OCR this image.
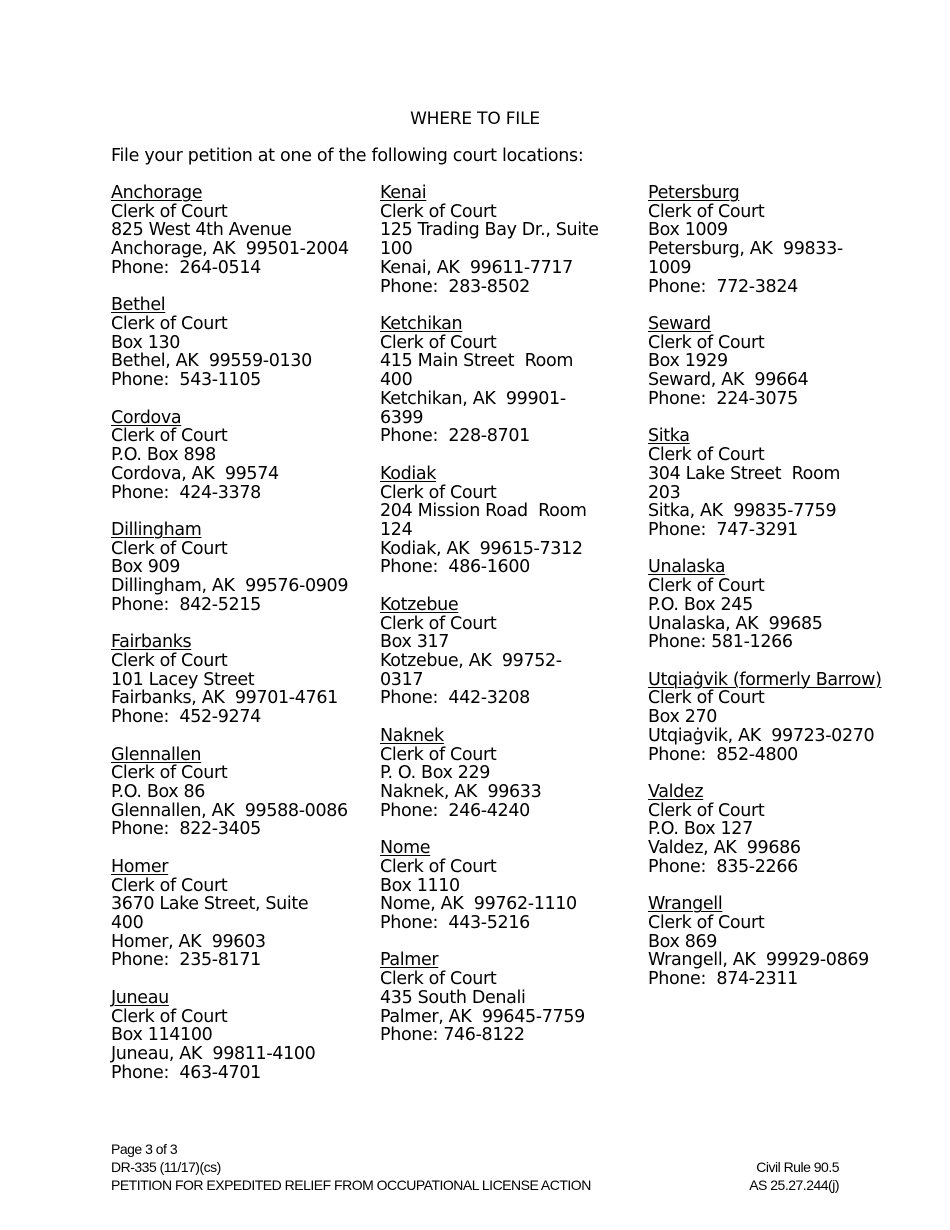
WHERE TO FILE
File your petition at one of the following court locations:
Anchorage
Clerk of Court
825 West 4th Avenue
Anchorage, AK  99501-2004
Phone:  264-0514
Bethel
Clerk of Court
Box 130
Bethel, AK  99559-0130
Phone:  543-1105
Cordova
Clerk of Court
P.O. Box 898
Cordova, AK  99574
Phone:  424-3378
Dillingham
Clerk of Court
Box 909
Dillingham, AK  99576-0909
Phone:  842-5215
Fairbanks
Clerk of Court
101 Lacey Street
Fairbanks, AK  99701-4761
Phone:  452-9274
Glennallen
Clerk of Court
P.O. Box 86
Glennallen, AK  99588-0086
Phone:  822-3405
Homer
Clerk of Court
3670 Lake Street, Suite
400
Homer, AK  99603
Phone:  235-8171
Juneau
Clerk of Court
Box 114100
Juneau, AK  99811-4100
Phone:  463-4701
Kenai
Clerk of Court
125 Trading Bay Dr., Suite
100
Kenai, AK  99611-7717
Phone:  283-8502
Ketchikan
Clerk of Court
415 Main Street  Room
400
Ketchikan, AK  99901-
6399
Phone:  228-8701
Kodiak
Clerk of Court
204 Mission Road  Room
124
Kodiak, AK  99615-7312
Phone:  486-1600
Kotzebue
Clerk of Court
Box 317
Kotzebue, AK  99752-
0317
Phone:  442-3208
Naknek
Clerk of Court
P. O. Box 229
Naknek, AK  99633
Phone:  246-4240
Nome
Clerk of Court
Box 1110
Nome, AK  99762-1110
Phone:  443-5216
Palmer
Clerk of Court
435 South Denali
Palmer, AK  99645-7759
Phone: 746-8122
Petersburg
Clerk of Court
Box 1009
Petersburg, AK  99833-
1009
Phone:  772-3824
Seward
Clerk of Court
Box 1929
Seward, AK  99664
Phone:  224-3075
Sitka
Clerk of Court
304 Lake Street  Room
203
Sitka, AK  99835-7759
Phone:  747-3291
Unalaska
Clerk of Court
P.O. Box 245
Unalaska, AK  99685
Phone: 581-1266
Utqiaġvik (formerly Barrow)
Clerk of Court
Box 270
Utqiaġvik, AK  99723-0270
Phone:  852-4800
Valdez
Clerk of Court
P.O. Box 127
Valdez, AK  99686
Phone:  835-2266
Wrangell
Clerk of Court
Box 869
Wrangell, AK  99929-0869
Phone:  874-2311
Page 3 of 3
DR-335 (11/17)(cs)	Civil Rule 90.5
PETITION FOR EXPEDITED RELIEF FROM OCCUPATIONAL LICENSE ACTION	AS 25.27.244(j)
